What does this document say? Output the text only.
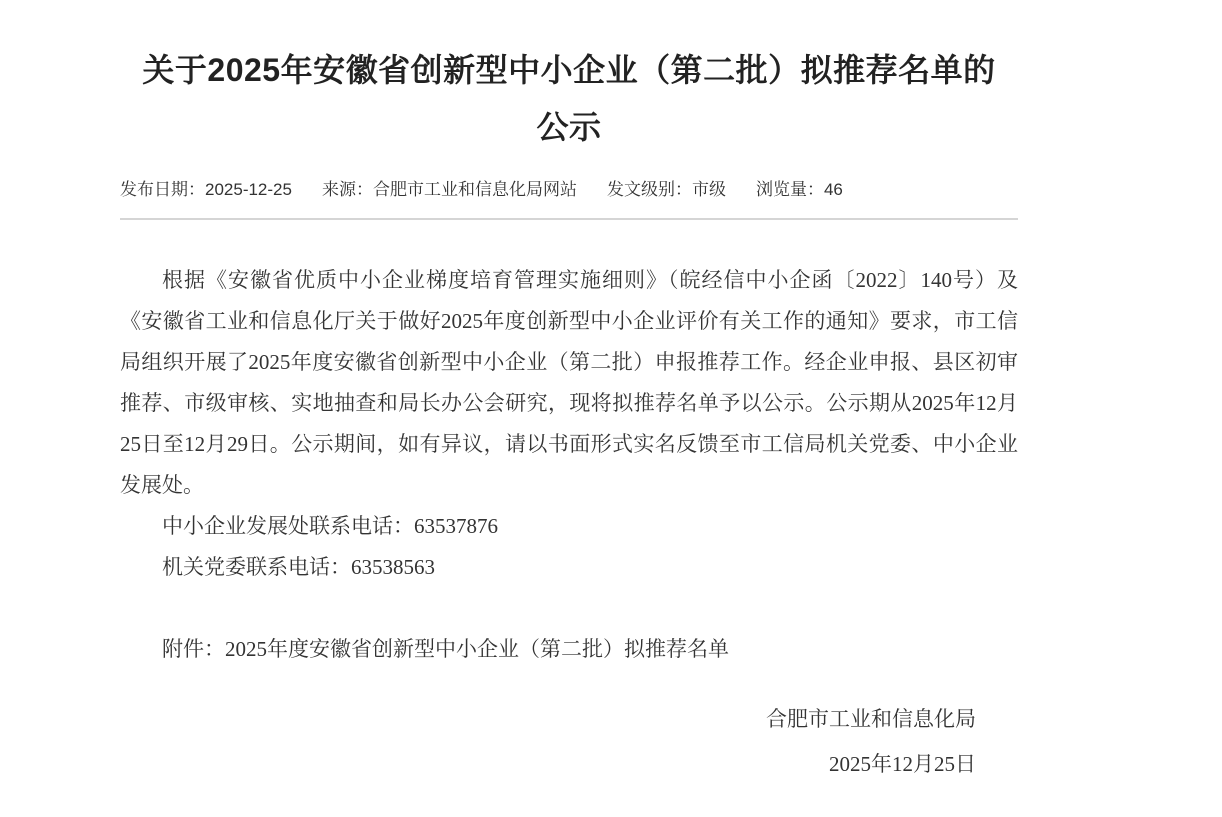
关于2025年安徽省创新型中小企业（第二批）拟推荐名单的
公示
发布日期： 2025-12-25 来源： 合肥市工业和信息化局网站 发文级别： 市级 浏览量： 46

根据《安徽省优质中小企业梯度培育管理实施细则》（皖经信中小企函〔2022〕140号）及《安徽省工业和信息化厅关于做好2025年度创新型中小企业评价有关工作的通知》要求，市工信局组织开展了2025年度安徽省创新型中小企业（第二批）申报推荐工作。经企业申报、县区初审推荐、市级审核、实地抽查和局长办公会研究，现将拟推荐名单予以公示。公示期从2025年12月25日至12月29日。公示期间，如有异议，请以书面形式实名反馈至市工信局机关党委、中小企业发展处。

中小企业发展处联系电话：63537876

机关党委联系电话：63538563

附件：2025年度安徽省创新型中小企业（第二批）拟推荐名单

合肥市工业和信息化局

2025年12月25日
